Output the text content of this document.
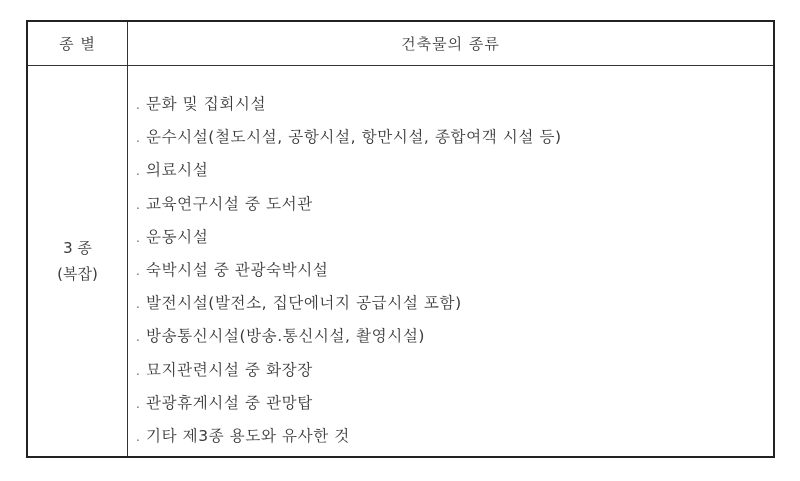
종 별	건축물의 종류
3 종
(복잡)
. 문화 및 집회시설
. 운수시설(철도시설, 공항시설, 항만시설, 종합여객 시설 등)
. 의료시설
. 교육연구시설 중 도서관
. 운동시설
. 숙박시설 중 관광숙박시설
. 발전시설(발전소, 집단에너지 공급시설 포함)
. 방송통신시설(방송.통신시설, 촬영시설)
. 묘지관련시설 중 화장장
. 관광휴게시설 중 관망탑
. 기타 제3종 용도와 유사한 것
